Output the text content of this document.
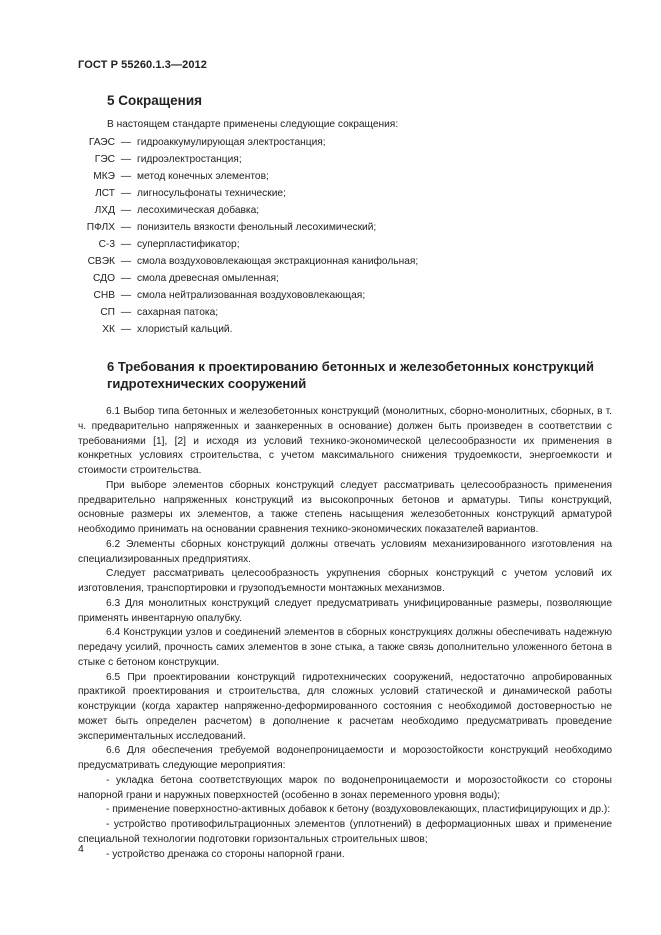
ГОСТ Р 55260.1.3—2012
5 Сокращения
В настоящем стандарте применены следующие сокращения:
ГАЭС — гидроаккумулирующая электростанция;
ГЭС — гидроэлектростанция;
МКЭ — метод конечных элементов;
ЛСТ — лигносульфонаты технические;
ЛХД — лесохимическая добавка;
ПФЛХ — понизитель вязкости фенольный лесохимический;
С-3 — суперпластификатор;
СВЭК — смола воздухововлекающая экстракционная канифольная;
СДО — смола древесная омыленная;
СНВ — смола нейтрализованная воздухововлекающая;
СП — сахарная патока;
ХК — хлористый кальций.
6 Требования к проектированию бетонных и железобетонных конструкций гидротехнических сооружений

6.1 Выбор типа бетонных и железобетонных конструкций (монолитных, сборно-монолитных, сборных, в т. ч. предварительно напряженных и заанкеренных в основание) должен быть произведен в соответствии с требованиями [1], [2] и исходя из условий технико-экономической целесообразности их применения в конкретных условиях строительства, с учетом максимального снижения трудоемкости, энергоемкости и стоимости строительства.

При выборе элементов сборных конструкций следует рассматривать целесообразность применения предварительно напряженных конструкций из высокопрочных бетонов и арматуры. Типы конструкций, основные размеры их элементов, а также степень насыщения железобетонных конструкций арматурой необходимо принимать на основании сравнения технико-экономических показателей вариантов.

6.2 Элементы сборных конструкций должны отвечать условиям механизированного изготовления на специализированных предприятиях.

Следует рассматривать целесообразность укрупнения сборных конструкций с учетом условий их изготовления, транспортировки и грузоподъемности монтажных механизмов.

6.3 Для монолитных конструкций следует предусматривать унифицированные размеры, позволяющие применять инвентарную опалубку.

6.4 Конструкции узлов и соединений элементов в сборных конструкциях должны обеспечивать надежную передачу усилий, прочность самих элементов в зоне стыка, а также связь дополнительно уложенного бетона в стыке с бетоном конструкции.

6.5 При проектировании конструкций гидротехнических сооружений, недостаточно апробированных практикой проектирования и строительства, для сложных условий статической и динамической работы конструкции (когда характер напряженно-деформированного состояния с необходимой достоверностью не может быть определен расчетом) в дополнение к расчетам необходимо предусматривать проведение экспериментальных исследований.

6.6 Для обеспечения требуемой водонепроницаемости и морозостойкости конструкций необходимо предусматривать следующие мероприятия:

- укладка бетона соответствующих марок по водонепроницаемости и морозостойкости со стороны напорной грани и наружных поверхностей (особенно в зонах переменного уровня воды);

- применение поверхностно-активных добавок к бетону (воздухововлекающих, пластифицирующих и др.):

- устройство противофильтрационных элементов (уплотнений) в деформационных швах и применение специальной технологии подготовки горизонтальных строительных швов;

- устройство дренажа со стороны напорной грани.

4
